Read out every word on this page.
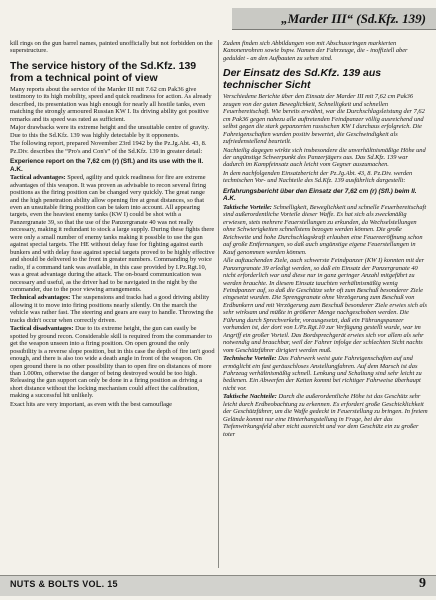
„Marder III“ (Sd.Kfz. 139)

kill rings on the gun barrel names, painted unofficially but not forbidden on the superstructure.

The service history of the Sd.Kfz. 139 from a technical point of view

Many reports about the service of the Marder III mit 7.62 cm Pak36 give testimony to its high mobility, speed and quick readiness for action. As already described, its presentation was high enough for nearly all hostile tanks, even matching the strongly armoured Russian KW I. Its driving ability got positive remarks and its speed was rated as sufficient.

Major drawbacks were its extreme height and the unsuitable centre of gravity. Due to this the Sd.Kfz. 139 was highly detectable by it opponents.

The following report, prepared November 23rd 1942 by the Pz.Jg.Abt. 43, 8. Pz.Div. describes the “Pro's and Con's” of the Sd.Kfz. 139 in greater detail:

Experience report on the 7,62 cm (r) (Sfl.) and its use with the II. A.K.

Tactical advantages: Speed, agility and quick readiness for fire are extreme advantages of this weapon. It was proven as advisable to recon several firing positions as the firing position can be changed very quickly. The great range and the high penetration ability allow opening fire at great distances, so that even an unsuitable firing position can be taken into account. All appearing targets, even the heaviest enemy tanks (KW I) could be shot with a Panzergranate 39, so that the use of the Panzergranate 40 was not really necessary, making it redundant to stock a large supply. During these fights there were only a small number of enemy tanks making it possible to use the gun against special targets. The HE without delay fuse for fighting against earth bunkers and with delay fuse against special targets proved to be highly effective and should be delivered to the front in greater numbers. Commanding by voice radio, if a command tank was available, in this case provided by I.Pz.Rgt.10, was a great advantage during the attack. The on-board communication was necessary and useful, as the driver had to be navigated in the night by the commander, due to the poor viewing arrangements.

Technical advantages: The suspensions and tracks had a good driving ability allowing it to move into firing positions nearly silently. On the march the vehicle was rather fast. The steering and gears are easy to handle. Throwing the tracks didn't occur when correctly driven.

Tactical disadvantages: Due to its extreme height, the gun can easily be spotted by ground recon. Considerable skill is required from the commander to get the weapon unseen into a firing position. On open ground the only possibility is a reverse slope position, but in this case the depth of fire isn't good enough, and there is also too wide a death angle in front of the weapon. On open ground there is no other possibility than to open fire on distances of more than 1.000m, otherwise the danger of being destroyed would be too high. Releasing the gun support can only be done in a firing position as driving a short distance without the locking mechanism could affect the calibration, making a successful hit unlikely.

Exact hits are very important, as even with the best camouflage

Zudem finden sich Abbildungen von mit Abschussringen markierten Kanonenrohren sowie bspw. Namen der Fahrzeuge, die - inoffiziell aber geduldet - an den Aufbauten zu sehen sind.

Der Einsatz des Sd.Kfz. 139 aus technischer Sicht

Verschiedene Berichte über den Einsatz der Marder III mit 7,62 cm Pak36 zeugen von der guten Beweglichkeit, Schnelligkeit und schnellen Feuerbereitschaft. Wie bereits erwähnt, war die Durchschlagsleistung der 7,62 cm Pak36 gegen nahezu alle auftretenden Feindpanzer völlig ausreichend und selbst gegen die stark gepanzerten russischen KW I durchaus erfolgreich. Die Fahreigenschaften wurden positiv bewertet, die Geschwindigkeit als zufriedenstellend beurteilt.

Nachteilig dagegen wirkte sich insbesondere die unverhältnismäßige Höhe und der ungünstige Schwerpunkt des Panzerjägers aus. Das Sd.Kfz. 139 war dadurch im Kampfeinsatz auch leicht vom Gegner auszumachen.

In dem nachfolgenden Einsatzbericht der Pz.Jg.Abt. 43, 8. Pz.Div. werden technischen Vor- und Nachteile des Sd.Kfz. 139 ausführlich dargestellt:

Erfahrungsbericht über den Einsatz der 7,62 cm (r) (Sfl.) beim II. A.K.

Taktische Vorteile: Schnelligkeit, Beweglichkeit und schnelle Feuerbereitschaft sind außerordentliche Vorteile dieser Waffe. Es hat sich als zweckmäßig erwiesen, stets mehrere Feuerstellungen zu erkunden, da Wechselstellungen ohne Schwierigkeiten schnellstens bezogen werden können. Die große Reichweite und hohe Durchschlagskraft erlauben eine Feuereeröffnung schon auf große Entfernungen, so daß auch ungünstige eigene Feuerstellungen in Kauf genommen werden können.

Alle auftauchenden Ziele, auch schwerste Feindpanzer (KW I) konnten mit der Panzergranate 39 erledigt werden, so daß ein Einsatz der Panzergranate 40 nicht erforderlich war und diese nur in ganz geringer Anzahl mitgeführt zu werden brauchte. In diesem Einsatz tauchten verhältnismäßig wenig Feindpanzer auf, so daß die Geschütze sehr oft zum Beschuß besonderer Ziele eingesetzt wurden. Die Sprenggranate ohne Verzögerung zum Beschuß von Erdbunkern und mit Verzögerung zum Beschuß besonderer Ziele erwies sich als sehr wirksam und müßte in größerer Menge nachgeschoben werden. Die Führung durch Sprechverkehr, vorausgesetzt, daß ein Führungspanzer vorhanden ist, der dort von I./Pz.Rgt.10 zur Verfügung gestellt wurde, war im Angriff ein großer Vorteil. Das Bordsprechgerät erwies sich vor allem als sehr notwendig und brauchbar, weil der Fahrer infolge der schlechten Sicht nachts vom Geschützführer dirigiert werden muß.

Technische Vorteile: Das Fahrwerk weist gute Fahreigenschaften auf und ermöglicht ein fast geräuschloses Anstellungfahren. Auf dem Marsch ist das Fahrzeug verhältnismäßig schnell. Lenkung und Schaltung sind sehr leicht zu bedienen. Ein Abwerfen der Ketten kommt bei richtiger Fahrweise überhaupt nicht vor.

Taktische Nachteile: Durch die außerordentliche Höhe ist das Geschütz sehr leicht durch Erdbeobachtung zu erkennen. Es erfordert große Geschicklichkeit der Geschützführer, um die Waffe gedeckt in Feuerstellung zu bringen. In freiem Gelände kommt nur eine Hinterhangstellung in Frage, bei der das Tiefenwirkungsfeld aber nicht ausreicht und vor dem Geschütz ein zu großer toter

NUTS & BOLTS VOL. 15	9
